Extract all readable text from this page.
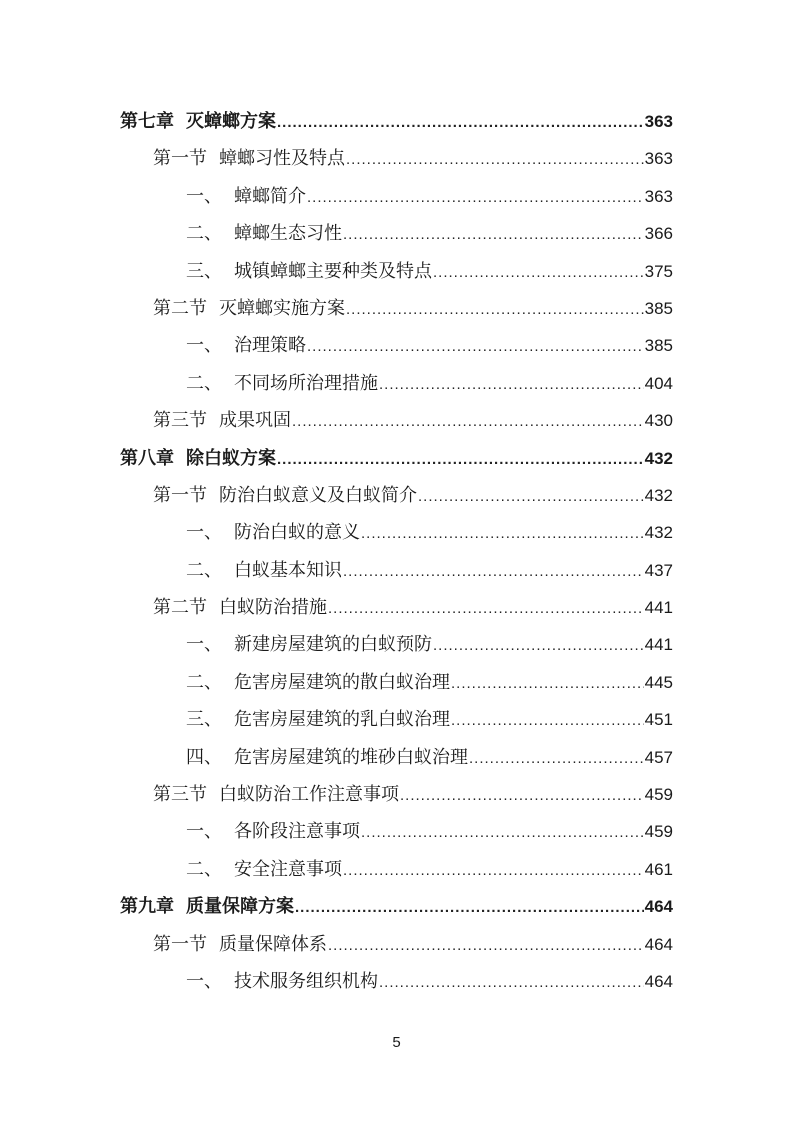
第七章 灭蟑螂方案 .....	363
第一节 蟑螂习性及特点 .....	363
一、 蟑螂简介 .....	363
二、 蟑螂生态习性 .....	366
三、 城镇蟑螂主要种类及特点 .....	375
第二节 灭蟑螂实施方案 .....	385
一、 治理策略 .....	385
二、 不同场所治理措施 .....	404
第三节 成果巩固 .....	430
第八章 除白蚁方案 .....	432
第一节 防治白蚁意义及白蚁简介 .....	432
一、 防治白蚁的意义 .....	432
二、 白蚁基本知识 .....	437
第二节 白蚁防治措施 .....	441
一、 新建房屋建筑的白蚁预防 .....	441
二、 危害房屋建筑的散白蚁治理 .....	445
三、 危害房屋建筑的乳白蚁治理 .....	451
四、 危害房屋建筑的堆砂白蚁治理 .....	457
第三节 白蚁防治工作注意事项 .....	459
一、 各阶段注意事项 .....	459
二、 安全注意事项 .....	461
第九章 质量保障方案 .....	464
第一节 质量保障体系 .....	464
一、 技术服务组织机构 .....	464
5
